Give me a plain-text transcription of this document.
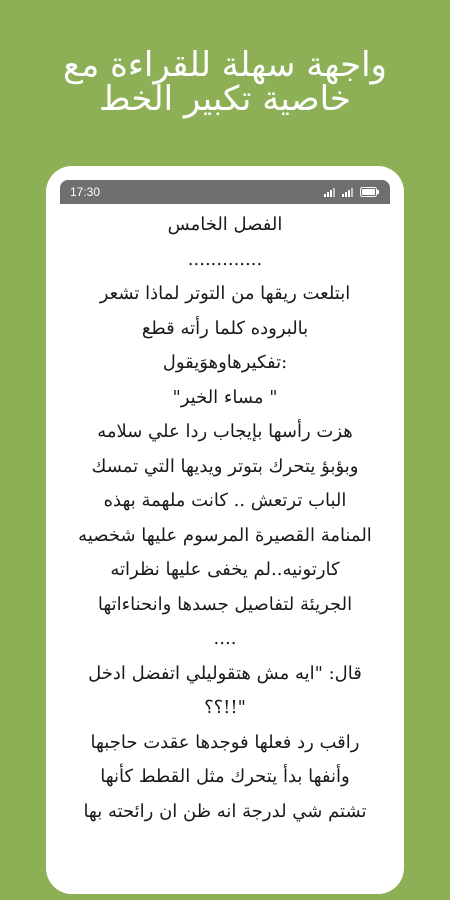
واجهة سهلة للقراءة مع
خاصية تكبير الخط
17:30
الفصل الخامس
.............
ابتلعت ريقها من التوتر لماذا تشعر
بالبروده كلما رأته قطع
:تفكيرهاوهوَيقول
" مساء الخير"
هزت رأسها بإيجاب ردا علي سلامه
وبؤبؤ يتحرك بتوتر ويديها التي تمسك
الباب ترتعش .. كانت ملهمة بهذه
المنامة القصيرة المرسوم عليها شخصيه
كارتونيه..لم يخفى عليها نظراته
الجريئة لتفاصيل جسدها وانحناءاتها
....
قال: "ايه مش هتقوليلي اتفضل ادخل
"!!؟؟
راقب رد فعلها فوجدها عقدت حاجبها
وأنفها بدأ يتحرك مثل القطط كأنها
تشتم شي لدرجة انه ظن ان رائحته بها
